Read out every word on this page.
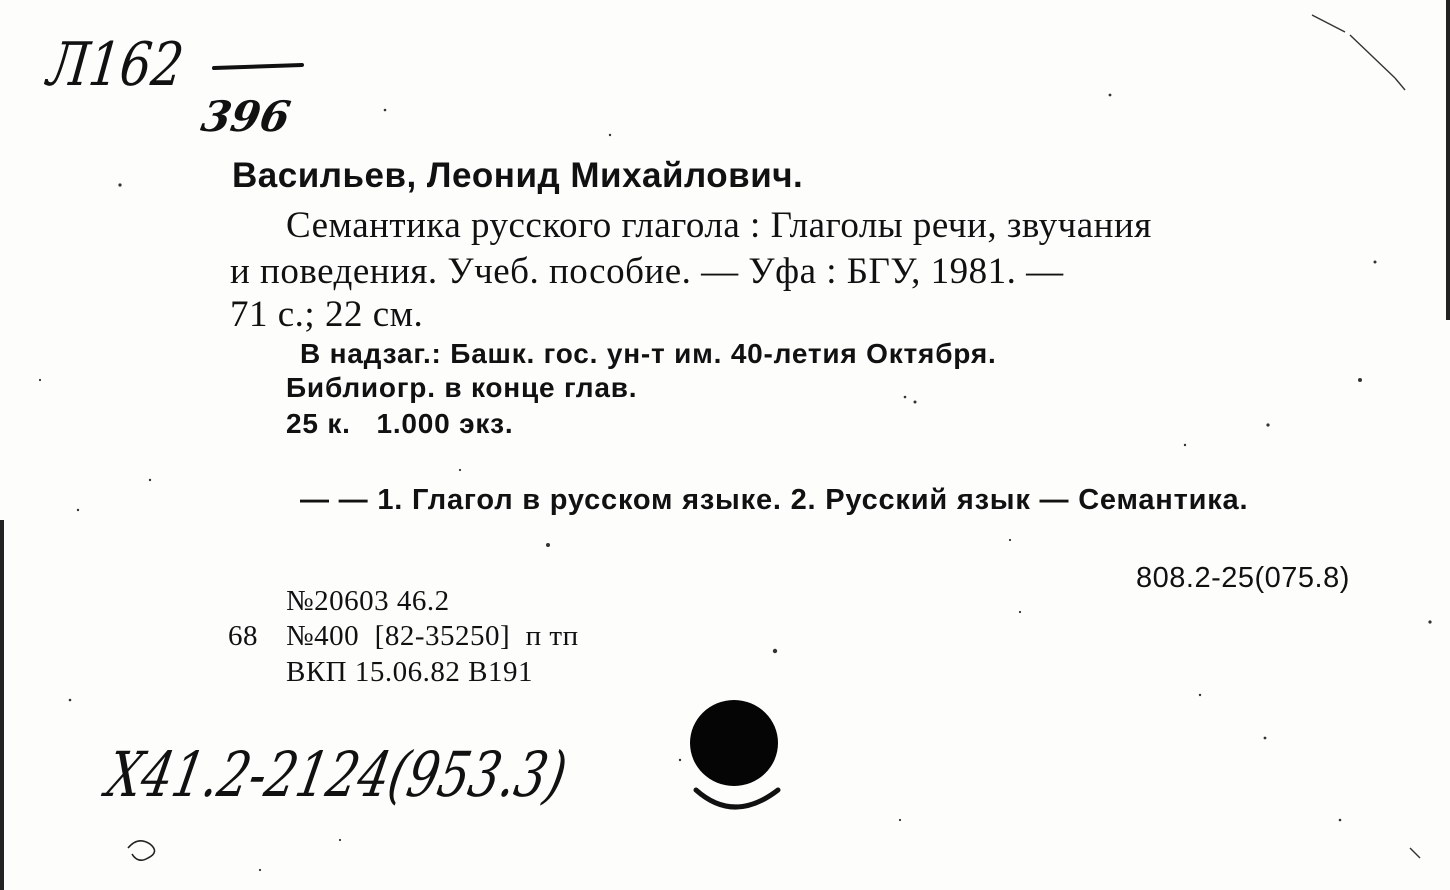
Л162
396
Васильев, Леонид Михайлович.
Семантика русского глагола : Глаголы речи, звучания
и поведения. Учеб. пособие. — Уфа : БГУ, 1981. —
71 с.; 22 см.
В надзаг.: Башк. гос. ун-т им. 40-летия Октября.
Библиогр. в конце глав.
25 к.   1.000 экз.
— — 1. Глагол в русском языке. 2. Русский язык — Семантика.
808.2-25(075.8)
№20603 46.2
68 №400  [82-35250]  п тп
ВКП 15.06.82 В191
Х41.2-2124(953.3)
